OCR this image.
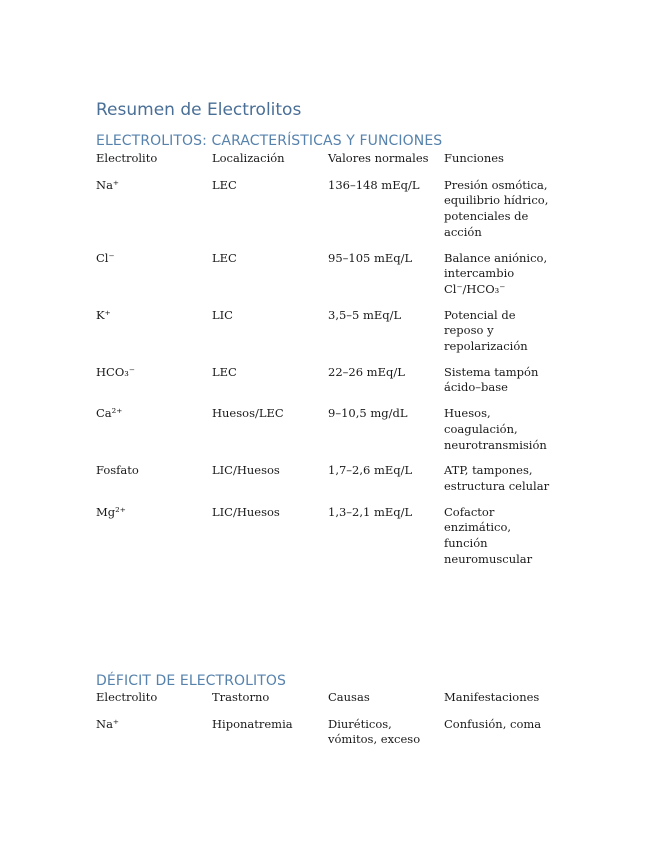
Resumen de Electrolitos
ELECTROLITOS: CARACTERÍSTICAS Y FUNCIONES
Electrolito	Localización	Valores normales	Funciones
Na⁺	LEC	136–148 mEq/L	Presión osmótica, equilibrio hídrico, potenciales de acción
Cl⁻	LEC	95–105 mEq/L	Balance aniónico, intercambio Cl⁻/HCO₃⁻
K⁺	LIC	3,5–5 mEq/L	Potencial de reposo y repolarización
HCO₃⁻	LEC	22–26 mEq/L	Sistema tampón ácido–base
Ca²⁺	Huesos/LEC	9–10,5 mg/dL	Huesos, coagulación, neurotransmisión
Fosfato	LIC/Huesos	1,7–2,6 mEq/L	ATP, tampones, estructura celular
Mg²⁺	LIC/Huesos	1,3–2,1 mEq/L	Cofactor enzimático, función neuromuscular
DÉFICIT DE ELECTROLITOS
Electrolito	Trastorno	Causas	Manifestaciones
Na⁺	Hiponatremia	Diuréticos, vómitos, exceso	Confusión, coma
